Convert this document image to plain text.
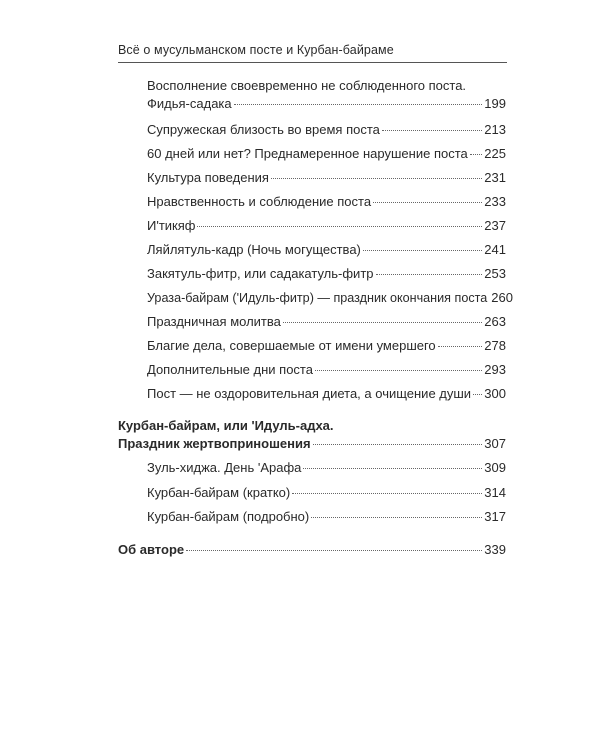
Всё о мусульманском посте и Курбан-байраме
Восполнение своевременно не соблюденного поста.
Фидья-садака	199
Супружеская близость во время поста	213
60 дней или нет? Преднамеренное нарушение поста 225
Культура поведения	231
Нравственность и соблюдение поста	233
И'тикяф	237
Ляйлятуль-кадр (Ночь могущества)	241
Закятуль-фитр, или садакатуль-фитр	253
Ураза-байрам ('Идуль-фитр) — праздник окончания поста 260
Праздничная молитва	263
Благие дела, совершаемые от имени умершего	278
Дополнительные дни поста	293
Пост — не оздоровительная диета, а очищение души 300
Курбан-байрам, или 'Идуль-адха.
Праздник жертвоприношения	307
Зуль-хиджа. День 'Арафа	309
Курбан-байрам (кратко)	314
Курбан-байрам (подробно)	317
Об авторе	339
